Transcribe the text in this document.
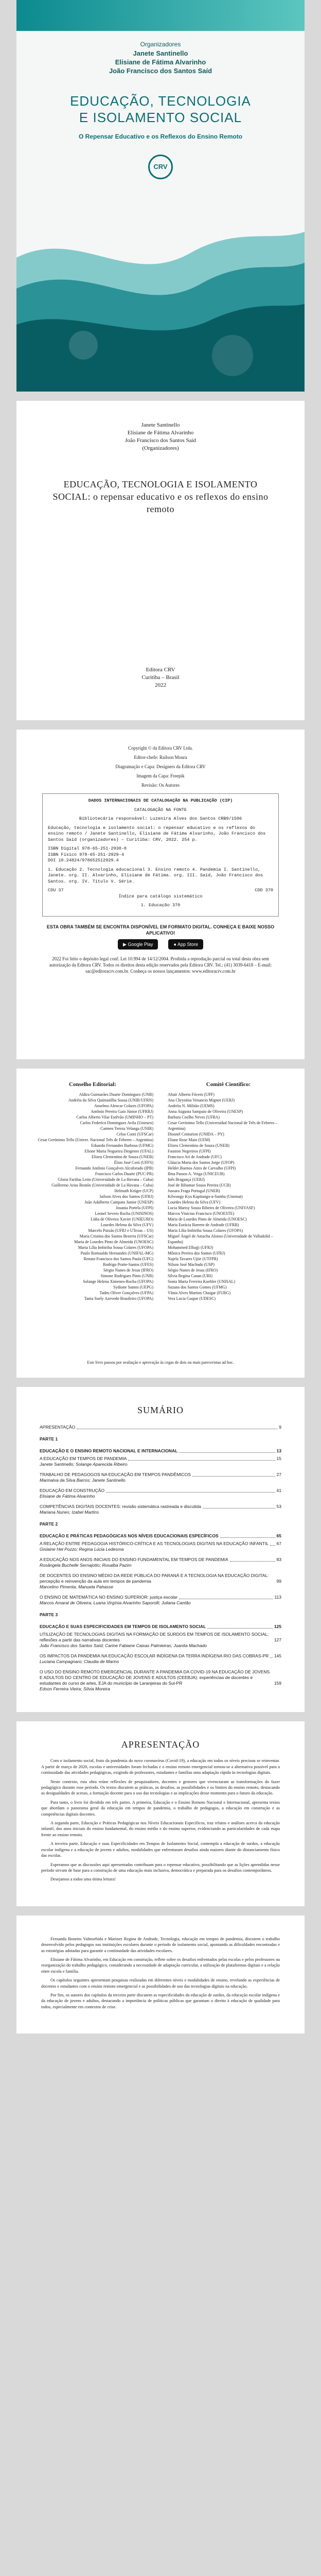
Organizadores
Janete Santinello
Elisiane de Fátima Alvarinho
João Francisco dos Santos Saíd
EDUCAÇÃO, TECNOLOGIA
E ISOLAMENTO SOCIAL
O Repensar Educativo e os Reflexos do Ensino Remoto
CRV
Janete Santinello
Elisiane de Fátima Alvarinho
João Francisco dos Santos Saíd
(Organizadores)
EDUCAÇÃO, TECNOLOGIA E ISOLAMENTO SOCIAL: o repensar educativo e os reflexos do ensino remoto
Editora CRV
Curitiba – Brasil
2022

Copyright © da Editora CRV Ltda.

Editor-chefe: Railson Moura

Diagramação e Capa: Designers da Editora CRV

Imagem da Capa: Freepik

Revisão: Os Autores

DADOS INTERNACIONAIS DE CATALOGAÇÃO NA PUBLICAÇÃO (CIP)

CATALOGAÇÃO NA FONTE

Bibliotecária responsável: Luzenira Alves dos Santos CRB9/1506

Educação, tecnologia e isolamento social: o repensar educativo e os reflexos do ensino remoto / Janete Santinello, Elisiane de Fátima Alvarinho, João Francisco dos Santos Saíd (organizadores) – Curitiba: CRV, 2022. 254 p.

ISBN Digital 978-65-251-2930-0
ISBN Físico 978-65-251-2929-4
DOI 10.24824/978652512929.4

1. Educação 2. Tecnologia educacional 3. Ensino remoto 4. Pandemia I. Santinello, Janete. org. II. Alvarinho, Elisiane de Fátima. org. III. Saíd, João Francisco dos Santos. org. IV. Título V. Série.

CDU 37	CDD 370

Índice para catálogo sistemático

1. Educação 370

ESTA OBRA TAMBÉM SE ENCONTRA DISPONÍVEL EM FORMATO DIGITAL. CONHEÇA E BAIXE NOSSO APLICATIVO!

▶ Google Play	● App Store

2022 Foi feito o depósito legal conf. Lei 10.994 de 14/12/2004. Proibida a reprodução parcial ou total desta obra sem autorização da Editora CRV. Todos os direitos desta edição reservados pela Editora CRV. Tel.: (41) 3039-6418 – E-mail: sac@editoracrv.com.br. Conheça os nossos lançamentos: www.editoracrv.com.br

Conselho Editorial:
Aldira Guimarães Duarte Domínguez (UNB)
Andréia da Silva Quintanilha Sousa (UNIR/UFRN)
Anselmo Alencar Colares (UFOPA)
Antônio Pereira Gaio Júnior (UFRRJ)
Carlos Alberto Vilar Estêvão (UMINHO – PT)
Carlos Federico Dominguez Avila (Unieuro)
Carmen Tereza Velanga (UNIR)
Celso Conti (UFSCar)
Cesar Gerónimo Tello (Univer. Nacional Três de Febrero – Argentina)
Eduardo Fernandes Barbosa (UFMG)
Elione Maria Nogueira Diogenes (UFAL)
Elizeu Clementino de Souza (UNEB)
Élsio José Corá (UFFS)
Fernando Antônio Gonçalves Alcoforado (IPB)
Francisco Carlos Duarte (PUC-PR)
Gloria Fariñas León (Universidade de La Havana – Cuba)
Guillermo Arias Beatón (Universidade de La Havana – Cuba)
Helmuth Krüger (UCP)
Jailson Alves dos Santos (UFRJ)
João Adalberto Campato Junior (UNESP)
Josania Portela (UFPI)
Leonel Severo Rocha (UNISINOS)
Lídia de Oliveira Xavier (UNIEURO)
Lourdes Helena da Silva (UFV)
Marcelo Paixão (UFRJ e UTexas – US)
Maria Cristina dos Santos Bezerra (UFSCar)
Maria de Lourdes Pinto de Almeida (UNOESC)
Maria Lília Imbiriba Sousa Colares (UFOPA)
Paulo Romualdo Hernandes (UNIFAL-MG)
Renato Francisco dos Santos Paula (UFG)
Rodrigo Pratte-Santos (UFES)
Sérgio Nunes de Jesus (IFRO)
Simone Rodrigues Pinto (UNB)
Solange Helena Ximenes-Rocha (UFOPA)
Sydione Santos (UEPG)
Tadeu Oliver Gonçalves (UFPA)
Tania Suely Azevedo Brasileiro (UFOPA)
Comitê Científico:
Altair Alberto Fávero (UPF)
Ana Chrystina Venancio Mignot (UERJ)
Andréia N. Militão (UEMS)
Anna Augusta Sampaio de Oliveira (UNESP)
Barbara Coelho Neves (UFBA)
Cesar Gerónimo Tello (Universidad Nacional de Três de Febrero – Argentina)
Diosnel Centurion (UNIDA – PY)
Eliane Rose Maio (UEM)
Elizeu Clementino de Souza (UNEB)
Fauston Negreiros (UFPI)
Francisco Ari de Andrade (UFC)
Gláucia Maria dos Santos Jorge (UFOP)
Helder Buenos Aires de Carvalho (UFPI)
Ilma Passos A. Veiga (UNICEUB)
Inês Bragança (UERJ)
José de Ribamar Sousa Pereira (UCB)
Jussara Fraga Portugal (UNEB)
Kilwangy Kya Kapitango-a-Samba (Unemat)
Lourdes Helena da Silva (UFV)
Lucia Marisy Souza Ribeiro de Oliveira (UNIVASF)
Marcos Vinicius Francisco (UNOESTE)
Maria de Lourdes Pinto de Almeida (UNOESC)
Maria Eurácia Barreto de Andrade (UFRB)
Maria Lília Imbiriba Sousa Colares (UFOPA)
Míguel Ángel de Amacha Alonso (Universidade de Valladolid – Espanha)
Mohammed Elhajji (UFRJ)
Mônica Pereira dos Santos (UFRJ)
Najela Tavares Ujiie (UTFPR)
Nilson José Machado (USP)
Sérgio Nunes de Jesus (IFRO)
Silvia Regina Canan (URI)
Sonia Maria Ferreira Koehler (UNISAL)
Suzana dos Santos Gomes (UFMG)
Vânia Alves Martins Chaigar (FURG)
Vera Lucia Gaspar (UDESC)
Este livro passou por avaliação e aprovação às cegas de dois ou mais pareceristas ad hoc.
SUMÁRIO
APRESENTAÇÃO	9
PARTE 1
EDUCAÇÃO E O ENSINO REMOTO NACIONAL E INTERNACIONAL	13
A EDUCAÇÃO EM TEMPOS DE PANDEMIA	15
Janete Santinello; Solange Aparecida Ribeiro
TRABALHO DE PEDAGOGOS NA EDUCAÇÃO EM TEMPOS PANDÊMICOS	27
Marinalva da Silva Barros; Janete Santinello
EDUCAÇÃO EM CONSTRUÇÃO	41
Elisiane de Fátima Alvarinho
COMPETÊNCIAS DIGITAIS DOCENTES: revisão sistemática rastreada e discutida	53
Mariana Nunes; Izabel Martins
PARTE 2
EDUCAÇÃO E PRÁTICAS PEDAGÓGICAS NOS NÍVEIS EDUCACIONAIS ESPECÍFICOS	65
A RELAÇÃO ENTRE PEDAGOGIA HISTÓRICO-CRÍTICA E AS TECNOLOGIAS DIGITAIS NA EDUCAÇÃO INFANTIL 67
Gislaine Hel Pozzo; Regina Lúcia Ledesma
A EDUCAÇÃO NOS ANOS INICIAIS DO ENSINO FUNDAMENTAL EM TEMPOS DE PANDEMIA	83
Rosângela Buchelle Sernajotto; Rosalba Pazim
DE DOCENTES DO ENSINO MÉDIO DA REDE PÚBLICA DO PARANÁ E A TECNOLOGIA NA EDUCAÇÃO DIGITAL: percepção e reinvenção da aula em tempos de pandemia	99
Marcelino Pimenta; Manuela Pahasse
O ENSINO DE MATEMÁTICA NO ENSINO SUPERIOR: justiça escolar	113
Marcos Amaral de Oliveira; Luana Virgínia Alvarinho Saporolli; Juliana Cantão
PARTE 3
EDUCAÇÃO E SUAS ESPECIFICIDADES EM TEMPOS DE ISOLAMENTO SOCIAL	125
UTILIZAÇÃO DE TECNOLOGIAS DIGITAIS NA FORMAÇÃO DE SURDOS EM TEMPOS DE ISOLAMENTO SOCIAL: reflexões a partir das narrativas docentes	127
João Francisco dos Santos Saíd; Carine Fabiane Caixas Palmieiras; Juanita Machado
OS IMPACTOS DA PANDEMIA NA EDUCAÇÃO ESCOLAR INDÍGENA DA TERRA INDÍGENA RIO DAS COBRAS-PR 145
Luciana Campagnaro; Claudia de Marins
O USO DO ENSINO REMOTO EMERGENCIAL DURANTE A PANDEMIA DA COVID-19 NA EDUCAÇÃO DE JOVENS E ADULTOS DO CENTRO DE EDUCAÇÃO DE JOVENS E ADULTOS (CEEBJA): experiências de docentes e estudantes do curso de artes, EJA do município de Laranjeiras do Sul-PR	159
Edson Ferreira Vieira; Sílvia Moreira
APRESENTAÇÃO

Com o isolamento social, fruto da pandemia do novo coronavírus (Covid-19), a educação em todos os níveis precisou se reinventar. A partir de março de 2020, escolas e universidades foram fechadas e o ensino remoto emergencial tornou-se a alternativa possível para a continuidade das atividades pedagógicas, exigindo de professores, estudantes e famílias uma adaptação rápida às tecnologias digitais.

Neste contexto, esta obra reúne reflexões de pesquisadores, docentes e gestores que vivenciaram as transformações do fazer pedagógico durante esse período. Os textos discutem as práticas, os desafios, as possibilidades e os limites do ensino remoto, destacando as desigualdades de acesso, a formação docente para o uso das tecnologias e as implicações desse momento para o futuro da educação.

Para tanto, o livro foi dividido em três partes. A primeira, Educação e o Ensino Remoto Nacional e Internacional, apresenta textos que abordam o panorama geral da educação em tempos de pandemia, o trabalho de pedagogos, a educação em construção e as competências digitais docentes.

A segunda parte, Educação e Práticas Pedagógicas nos Níveis Educacionais Específicos, traz relatos e análises acerca da educação infantil, dos anos iniciais do ensino fundamental, do ensino médio e do ensino superior, evidenciando as particularidades de cada etapa frente ao ensino remoto.

A terceira parte, Educação e suas Especificidades em Tempos de Isolamento Social, contempla a educação de surdos, a educação escolar indígena e a educação de jovens e adultos, modalidades que enfrentaram desafios ainda maiores diante do distanciamento físico das escolas.

Esperamos que as discussões aqui apresentadas contribuam para o repensar educativo, possibilitando que as lições aprendidas nesse período sirvam de base para a construção de uma educação mais inclusiva, democrática e preparada para os desafios contemporâneos.

Desejamos a todos uma ótima leitura!

Fernanda Bonetto Valmorbida e Marinez Regina de Andrade, Tecnologia, educação em tempos de pandemia, discutem o trabalho desenvolvido pelos pedagogos nas instituições escolares durante o período de isolamento social, apontando as dificuldades encontradas e as estratégias adotadas para garantir a continuidade das atividades escolares.

Elisiane de Fátima Alvarinho, em Educação em construção, reflete sobre os desafios enfrentados pelas escolas e pelos professores na reorganização do trabalho pedagógico, considerando a necessidade de adaptação curricular, a utilização de plataformas digitais e a relação entre escola e família.

Os capítulos seguintes apresentam pesquisas realizadas em diferentes níveis e modalidades de ensino, revelando as experiências de docentes e estudantes com o ensino remoto emergencial e as possibilidades de uso das tecnologias digitais na educação.

Por fim, os autores dos capítulos da terceira parte discutem as especificidades da educação de surdos, da educação escolar indígena e da educação de jovens e adultos, destacando a importância de políticas públicas que garantam o direito à educação de qualidade para todos, especialmente em contextos de crise.
